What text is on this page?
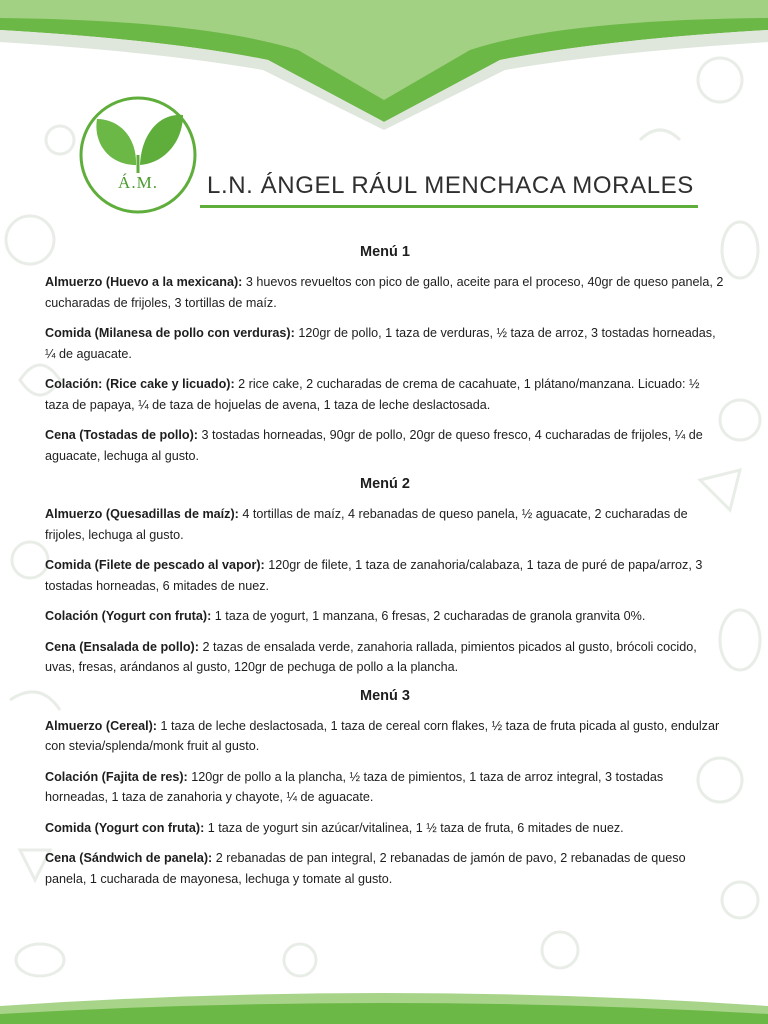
Á.M.	L.N. ÁNGEL RÁUL MENCHACA MORALES
Menú 1

Almuerzo (Huevo a la mexicana): 3 huevos revueltos con pico de gallo, aceite para el proceso, 40gr de queso panela, 2 cucharadas de frijoles, 3 tortillas de maíz.

Comida (Milanesa de pollo con verduras): 120gr de pollo, 1 taza de verduras, ½ taza de arroz, 3 tostadas horneadas, ¼ de aguacate.

Colación: (Rice cake y licuado): 2 rice cake, 2 cucharadas de crema de cacahuate, 1 plátano/manzana. Licuado: ½ taza de papaya, ¼ de taza de hojuelas de avena, 1 taza de leche deslactosada.

Cena (Tostadas de pollo): 3 tostadas horneadas, 90gr de pollo, 20gr de queso fresco, 4 cucharadas de frijoles, ¼ de aguacate, lechuga al gusto.

Menú 2

Almuerzo (Quesadillas de maíz): 4 tortillas de maíz, 4 rebanadas de queso panela, ½ aguacate, 2 cucharadas de frijoles, lechuga al gusto.

Comida (Filete de pescado al vapor): 120gr de filete, 1 taza de zanahoria/calabaza, 1 taza de puré de papa/arroz, 3 tostadas horneadas, 6 mitades de nuez.

Colación (Yogurt con fruta): 1 taza de yogurt, 1 manzana, 6 fresas, 2 cucharadas de granola granvita 0%.

Cena (Ensalada de pollo): 2 tazas de ensalada verde, zanahoria rallada, pimientos picados al gusto, brócoli cocido, uvas, fresas, arándanos al gusto, 120gr de pechuga de pollo a la plancha.

Menú 3

Almuerzo (Cereal): 1 taza de leche deslactosada, 1 taza de cereal corn flakes, ½ taza de fruta picada al gusto, endulzar con stevia/splenda/monk fruit al gusto.

Colación (Fajita de res): 120gr de pollo a la plancha, ½ taza de pimientos, 1 taza de arroz integral, 3 tostadas horneadas, 1 taza de zanahoria y chayote, ¼ de aguacate.

Comida (Yogurt con fruta): 1 taza de yogurt sin azúcar/vitalinea, 1 ½ taza de fruta, 6 mitades de nuez.

Cena (Sándwich de panela): 2 rebanadas de pan integral, 2 rebanadas de jamón de pavo, 2 rebanadas de queso panela, 1 cucharada de mayonesa, lechuga y tomate al gusto.
